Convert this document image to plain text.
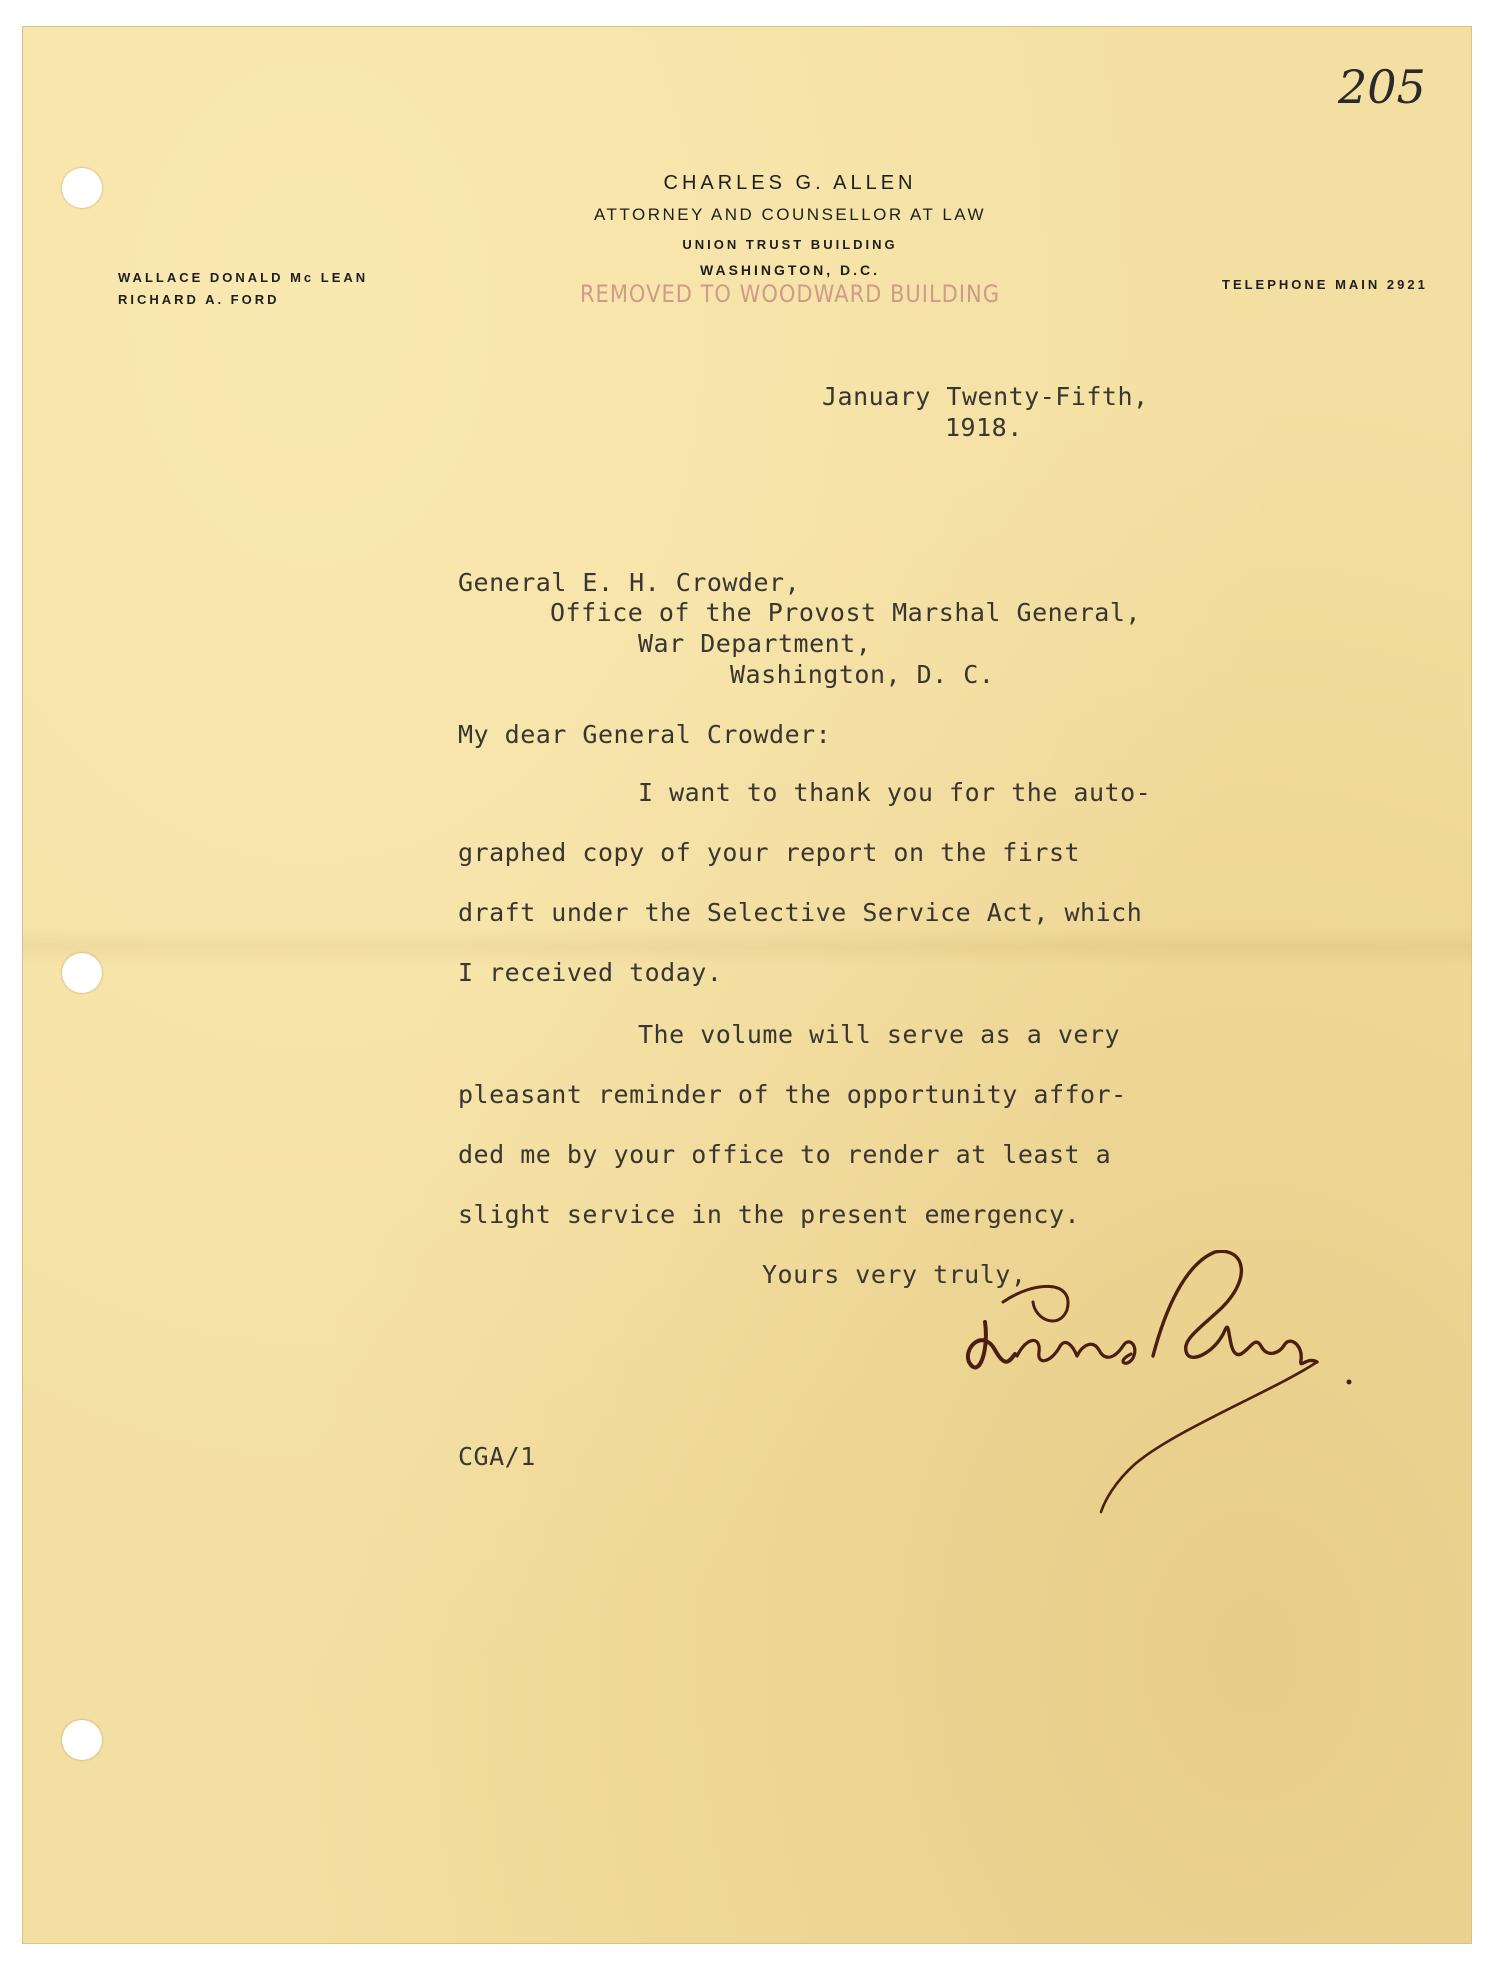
205
CHARLES G. ALLEN
ATTORNEY AND COUNSELLOR AT LAW
UNION TRUST BUILDING
WASHINGTON, D.C.
REMOVED TO WOODWARD BUILDING
WALLACE DONALD Mc LEAN
RICHARD A. FORD
TELEPHONE MAIN 2921
January Twenty-Fifth,
1918.
General E. H. Crowder,
Office of the Provost Marshal General,
War Department,
Washington, D. C.
My dear General Crowder:
I want to thank you for the auto-
graphed copy of your report on the first
draft under the Selective Service Act, which
I received today.
The volume will serve as a very
pleasant reminder of the opportunity affor-
ded me by your office to render at least a
slight service in the present emergency.
Yours very truly,
CGA/1
